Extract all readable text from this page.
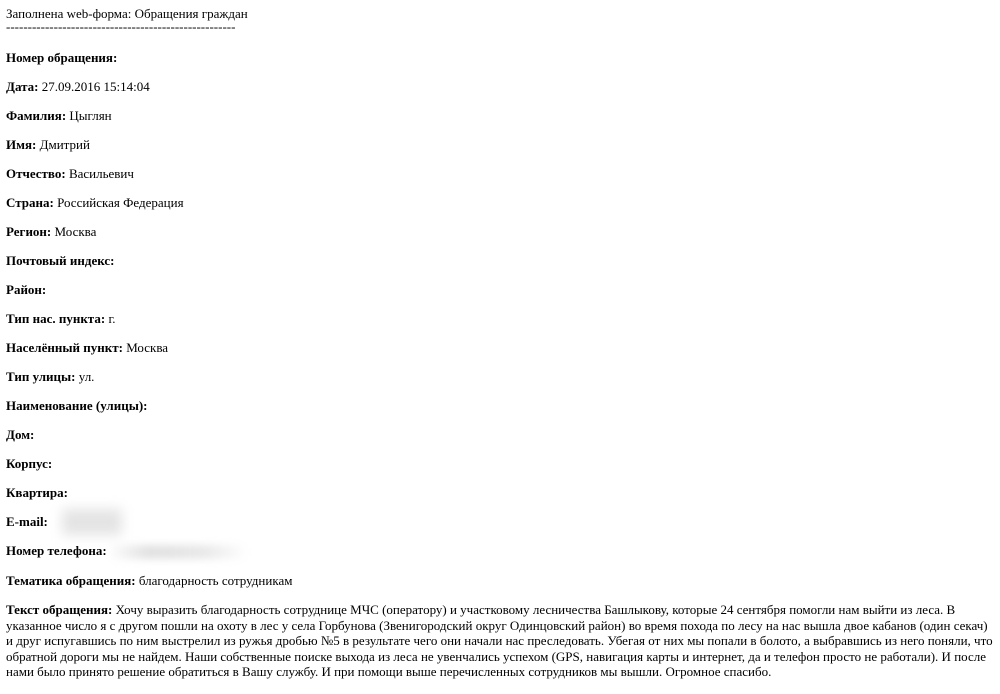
Заполнена web-форма: Обращения граждан

-----------------------------------------------------

Номер обращения:
Дата: 27.09.2016 15:14:04
Фамилия: Цыглян
Имя: Дмитрий
Отчество: Васильевич
Страна: Российская Федерация
Регион: Москва
Почтовый индекс:
Район:
Тип нас. пункта: г.
Населённый пункт: Москва
Тип улицы: ул.
Наименование (улицы):
Дом:
Корпус:
Квартира:
E-mail:
Номер телефона:
Тематика обращения: благодарность сотрудникам
Текст обращения: Хочу выразить благодарность сотруднице МЧС (оператору) и участковому лесничества Башлыкову, которые 24 сентября помогли нам выйти из леса. В указанное число я с другом пошли на охоту в лес у села Горбунова (Звенигородский округ Одинцовский район) во время похода по лесу на нас вышла двое кабанов (один секач) и друг испугавшись по ним выстрелил из ружья дробью №5 в результате чего они начали нас преследовать. Убегая от них мы попали в болото, а выбравшись из него поняли, что обратной дороги мы не найдем. Наши собственные поиске выхода из леса не увенчались успехом (GPS, навигация карты и интернет, да и телефон просто не работали). И после нами было принято решение обратиться в Вашу службу. И при помощи выше перечисленных сотрудников мы вышли. Огромное спасибо.
